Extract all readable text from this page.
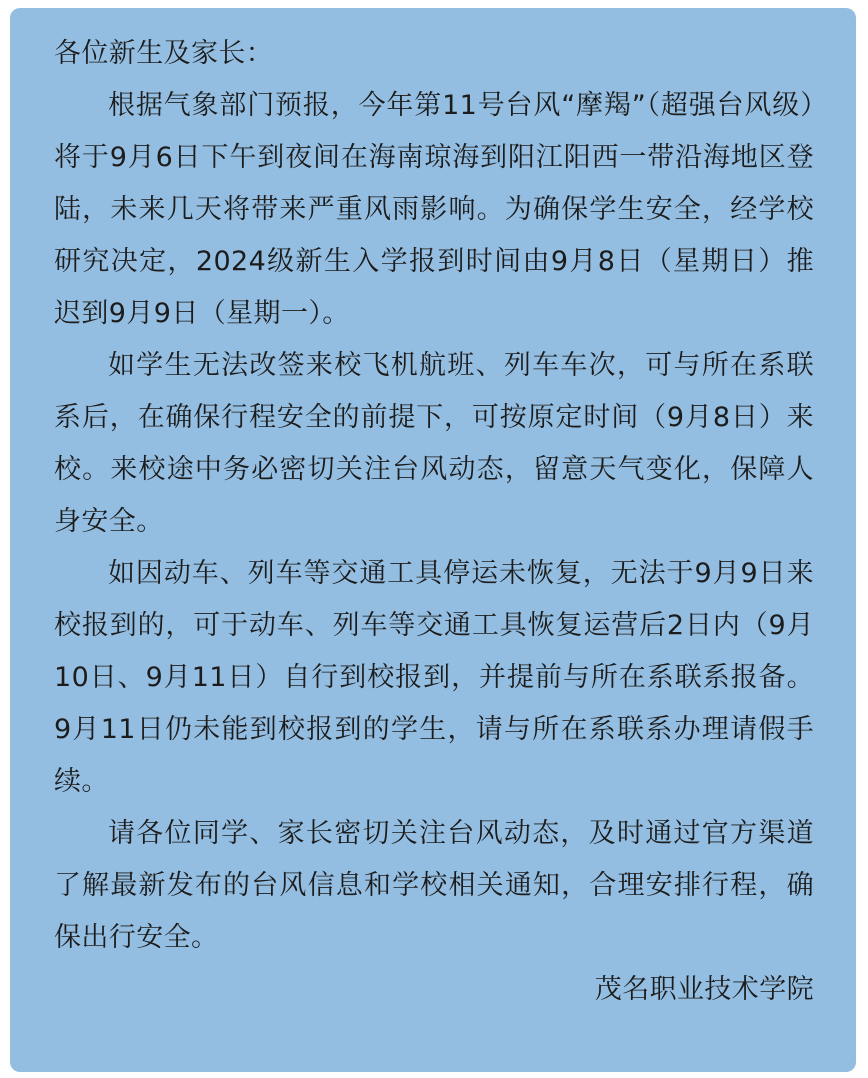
各位新生及家长：

根据气象部门预报，今年第11号台风“摩羯”（超强台风级）将于9月6日下午到夜间在海南琼海到阳江阳西一带沿海地区登陆，未来几天将带来严重风雨影响。为确保学生安全，经学校研究决定，2024级新生入学报到时间由9月8日（星期日）推迟到9月9日（星期一）。

如学生无法改签来校飞机航班、列车车次，可与所在系联系后，在确保行程安全的前提下，可按原定时间（9月8日）来校。来校途中务必密切关注台风动态，留意天气变化，保障人身安全。

如因动车、列车等交通工具停运未恢复，无法于9月9日来校报到的，可于动车、列车等交通工具恢复运营后2日内（9月10日、9月11日）自行到校报到，并提前与所在系联系报备。9月11日仍未能到校报到的学生，请与所在系联系办理请假手续。

请各位同学、家长密切关注台风动态，及时通过官方渠道了解最新发布的台风信息和学校相关通知，合理安排行程，确保出行安全。

茂名职业技术学院
